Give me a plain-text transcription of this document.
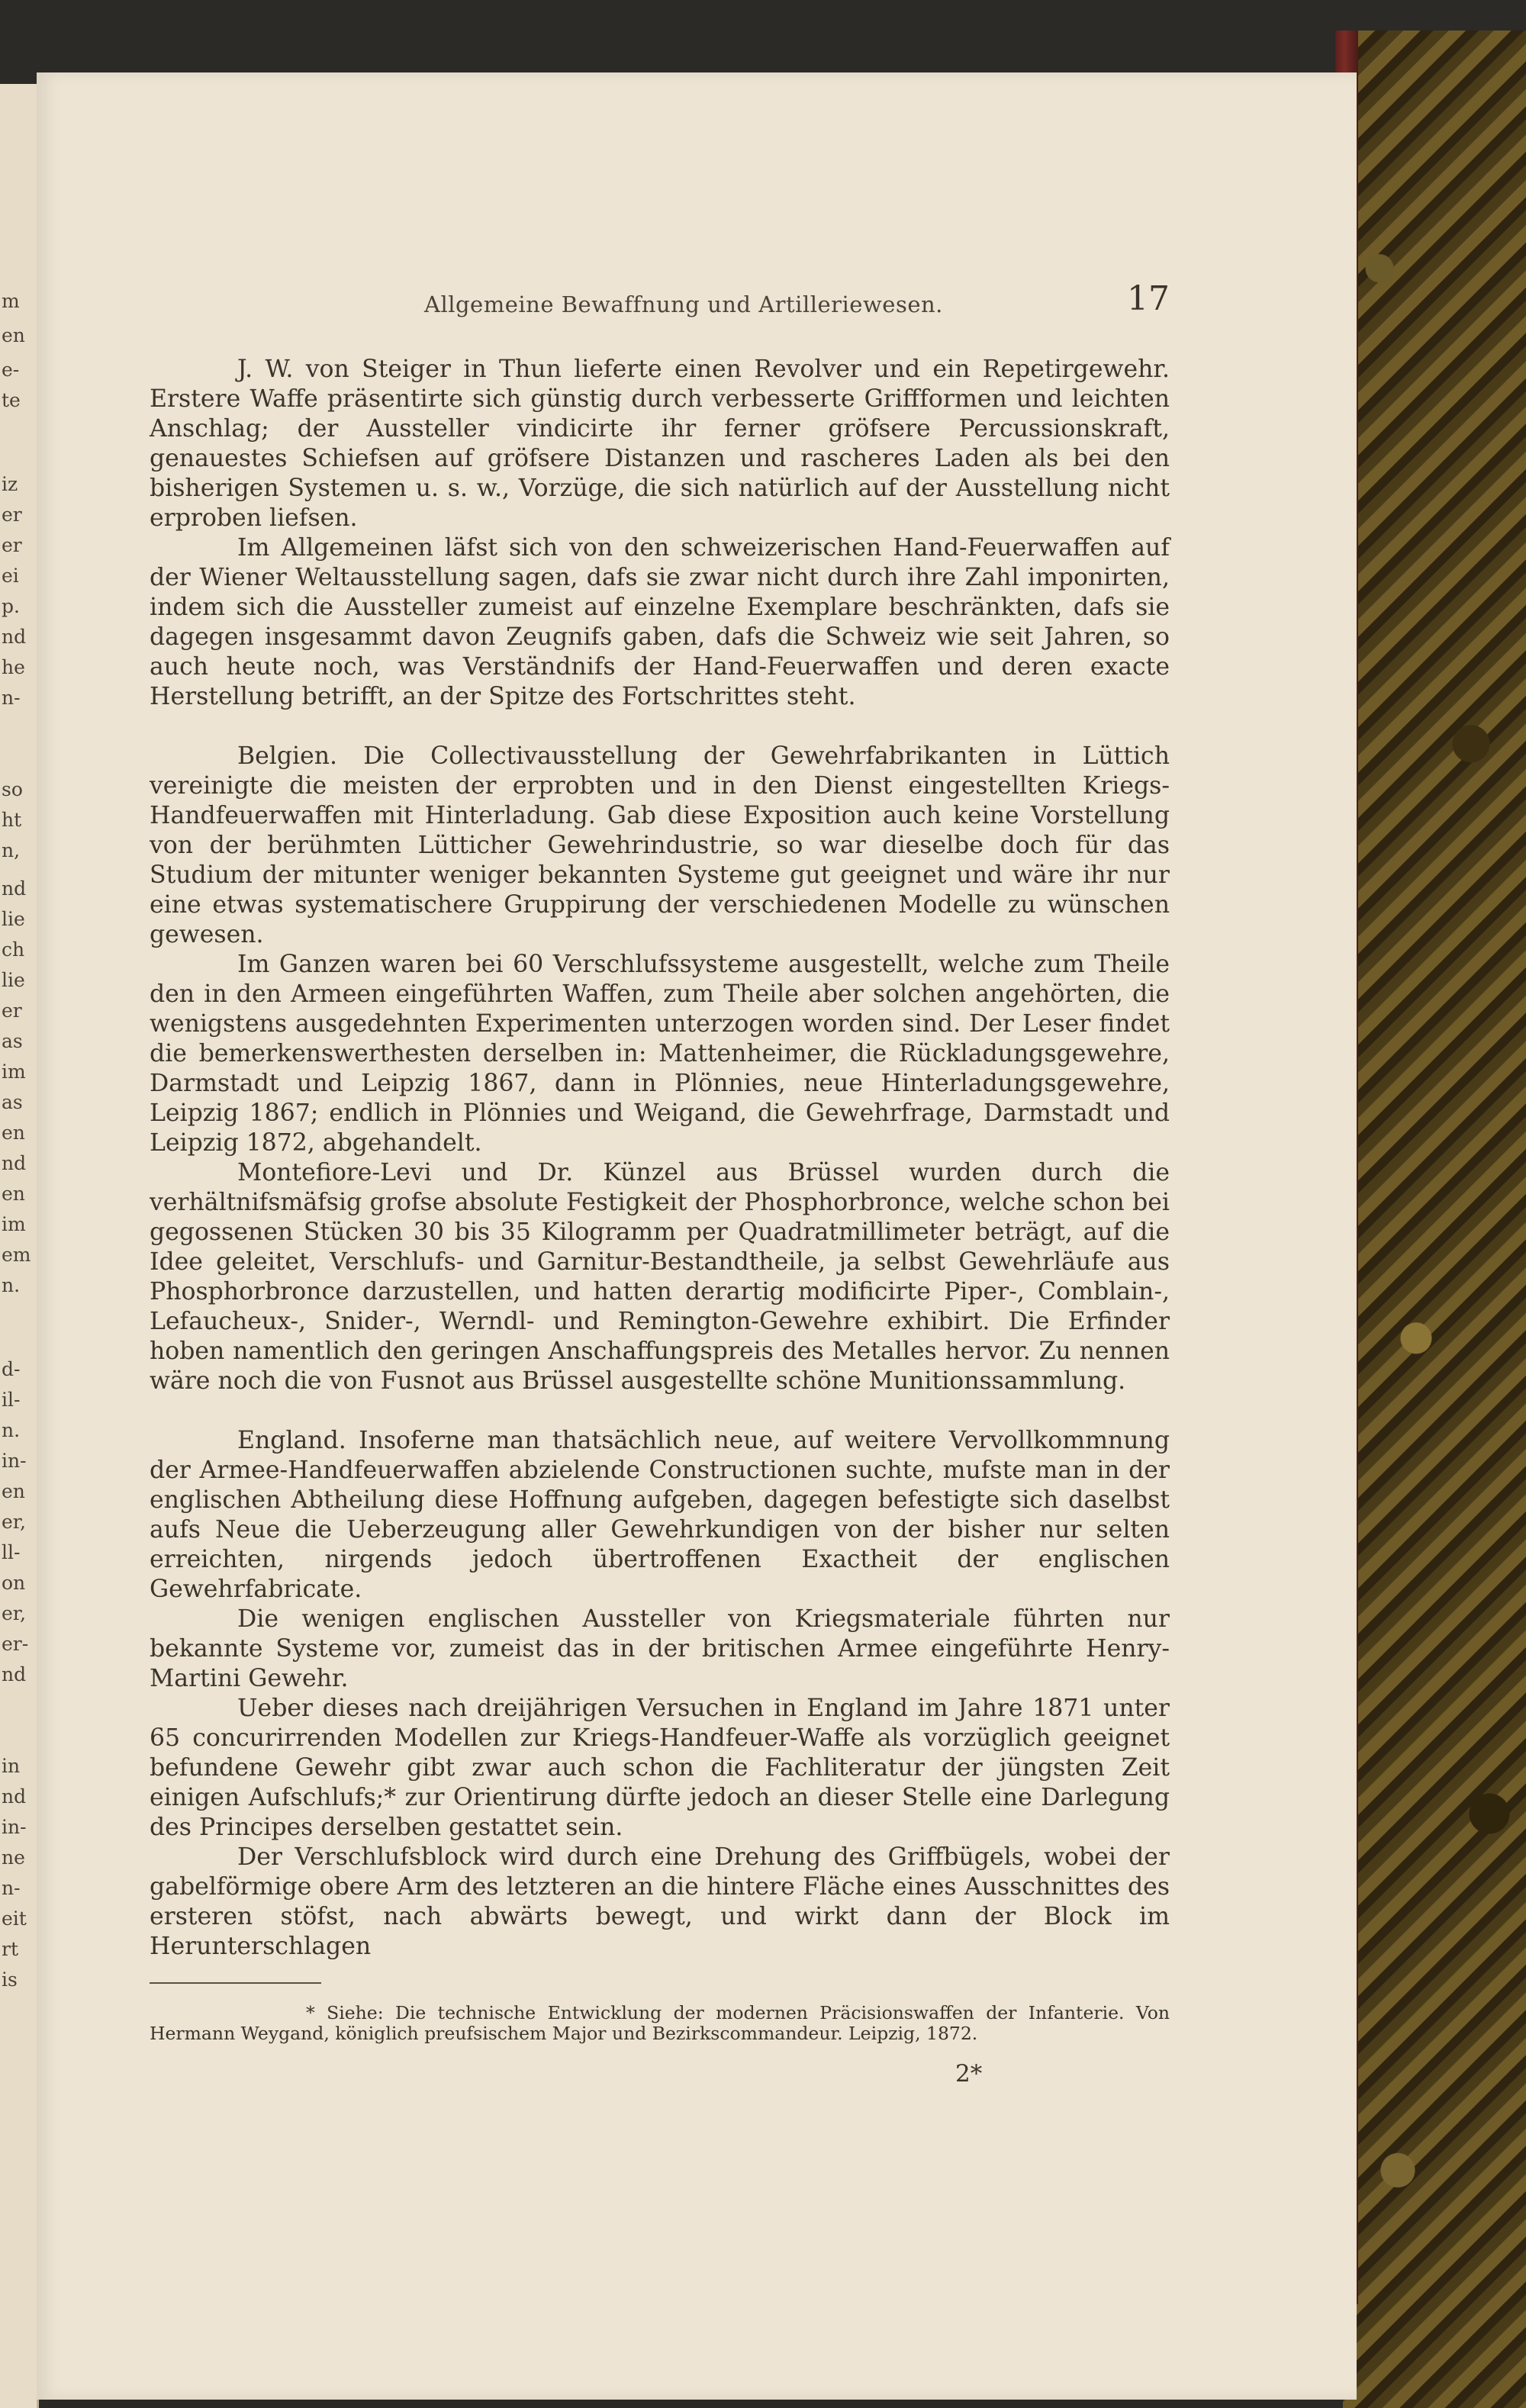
m
en
e-
te
iz
er
er
ei
p.
nd
he
n-
so
ht
n,
nd
lie
ch
lie
er
as
im
as
en
nd
en
im
em
n.
d-
il-
n.
in-
en
er,
ll-
on
er,
er-
nd
in
nd
in-
ne
n-
eit
rt
is
Allgemeine Bewaffnung und Artilleriewesen.	17

J. W. von Steiger in Thun lieferte einen Revolver und ein Repetirgewehr. Erstere Waffe präsentirte sich günstig durch verbesserte Griffformen und leichten Anschlag; der Aussteller vindicirte ihr ferner gröfsere Percussionskraft, genauestes Schiefsen auf gröfsere Distanzen und rascheres Laden als bei den bisherigen Systemen u. s. w., Vorzüge, die sich natürlich auf der Ausstellung nicht erproben liefsen.

Im Allgemeinen läfst sich von den schweizerischen Hand-Feuerwaffen auf der Wiener Weltausstellung sagen, dafs sie zwar nicht durch ihre Zahl imponirten, indem sich die Aussteller zumeist auf einzelne Exemplare beschränkten, dafs sie dagegen insgesammt davon Zeugnifs gaben, dafs die Schweiz wie seit Jahren, so auch heute noch, was Verständnifs der Hand-Feuerwaffen und deren exacte Herstellung betrifft, an der Spitze des Fortschrittes steht.

Belgien. Die Collectivausstellung der Gewehrfabrikanten in Lüttich vereinigte die meisten der erprobten und in den Dienst eingestellten Kriegs-Handfeuerwaffen mit Hinterladung. Gab diese Exposition auch keine Vorstellung von der berühmten Lütticher Gewehrindustrie, so war dieselbe doch für das Studium der mitunter weniger bekannten Systeme gut geeignet und wäre ihr nur eine etwas systematischere Gruppirung der verschiedenen Modelle zu wünschen gewesen.

Im Ganzen waren bei 60 Verschlufssysteme ausgestellt, welche zum Theile den in den Armeen eingeführten Waffen, zum Theile aber solchen angehörten, die wenigstens ausgedehnten Experimenten unterzogen worden sind. Der Leser findet die bemerkenswerthesten derselben in: Mattenheimer, die Rückladungsgewehre, Darmstadt und Leipzig 1867, dann in Plönnies, neue Hinterladungsgewehre, Leipzig 1867; endlich in Plönnies und Weigand, die Gewehrfrage, Darmstadt und Leipzig 1872, abgehandelt.

Montefiore-Levi und Dr. Künzel aus Brüssel wurden durch die verhältnifsmäfsig grofse absolute Festigkeit der Phosphorbronce, welche schon bei gegossenen Stücken 30 bis 35 Kilogramm per Quadratmillimeter beträgt, auf die Idee geleitet, Verschlufs- und Garnitur-Bestandtheile, ja selbst Gewehrläufe aus Phosphorbronce darzustellen, und hatten derartig modificirte Piper-, Comblain-, Lefaucheux-, Snider-, Werndl- und Remington-Gewehre exhibirt. Die Erfinder hoben namentlich den geringen Anschaffungspreis des Metalles hervor. Zu nennen wäre noch die von Fusnot aus Brüssel ausgestellte schöne Munitionssammlung.

England. Insoferne man thatsächlich neue, auf weitere Vervollkommnung der Armee-Handfeuerwaffen abzielende Constructionen suchte, mufste man in der englischen Abtheilung diese Hoffnung aufgeben, dagegen befestigte sich daselbst aufs Neue die Ueberzeugung aller Gewehrkundigen von der bisher nur selten erreichten, nirgends jedoch übertroffenen Exactheit der englischen Gewehrfabricate.

Die wenigen englischen Aussteller von Kriegsmateriale führten nur bekannte Systeme vor, zumeist das in der britischen Armee eingeführte Henry-Martini Gewehr.

Ueber dieses nach dreijährigen Versuchen in England im Jahre 1871 unter 65 concurirrenden Modellen zur Kriegs-Handfeuer-Waffe als vorzüglich geeignet befundene Gewehr gibt zwar auch schon die Fachliteratur der jüngsten Zeit einigen Aufschlufs;* zur Orientirung dürfte jedoch an dieser Stelle eine Darlegung des Principes derselben gestattet sein.

Der Verschlufsblock wird durch eine Drehung des Griffbügels, wobei der gabelförmige obere Arm des letzteren an die hintere Fläche eines Ausschnittes des ersteren stöfst, nach abwärts bewegt, und wirkt dann der Block im Herunterschlagen

* Siehe: Die technische Entwicklung der modernen Präcisionswaffen der Infanterie. Von Hermann Weygand, königlich preufsischem Major und Bezirkscommandeur. Leipzig, 1872.
2*
